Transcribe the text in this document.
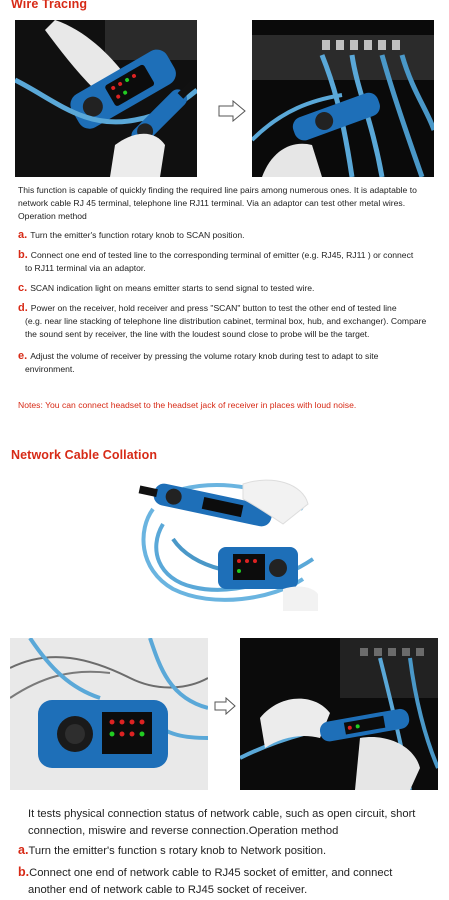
Wire Tracing
This function is capable of quickly finding the required line pairs among numerous ones. It is adaptable to network cable RJ 45 terminal, telephone line RJ11 terminal. Via an adaptor can test other metal wires. Operation method
a. Turn the emitter's function rotary knob to SCAN position.
b. Connect one end of tested line to the corresponding terminal of emitter (e.g. RJ45, RJ11 ) or connect
to RJ11 terminal via an adaptor.
c. SCAN indication light on means emitter starts to send signal to tested wire.
d. Power on the receiver, hold receiver and press "SCAN" button to test the other end of tested line
(e.g. near line stacking of telephone line distribution cabinet, terminal box, hub, and exchanger). Compare the sound sent by receiver, the line with the loudest sound close to probe will be the target.
e. Adjust the volume of receiver by pressing the volume rotary knob during test to adapt to site
environment.
Notes: You can connect headset to the headset jack of receiver in places with loud noise.
Network Cable Collation
It tests physical connection status of network cable, such as open circuit, short connection, miswire and reverse connection.Operation method
a.Turn the emitter's function s rotary knob to Network position.
b.Connect one end of network cable to RJ45 socket of emitter, and connect
another end of network cable to RJ45 socket of receiver.
